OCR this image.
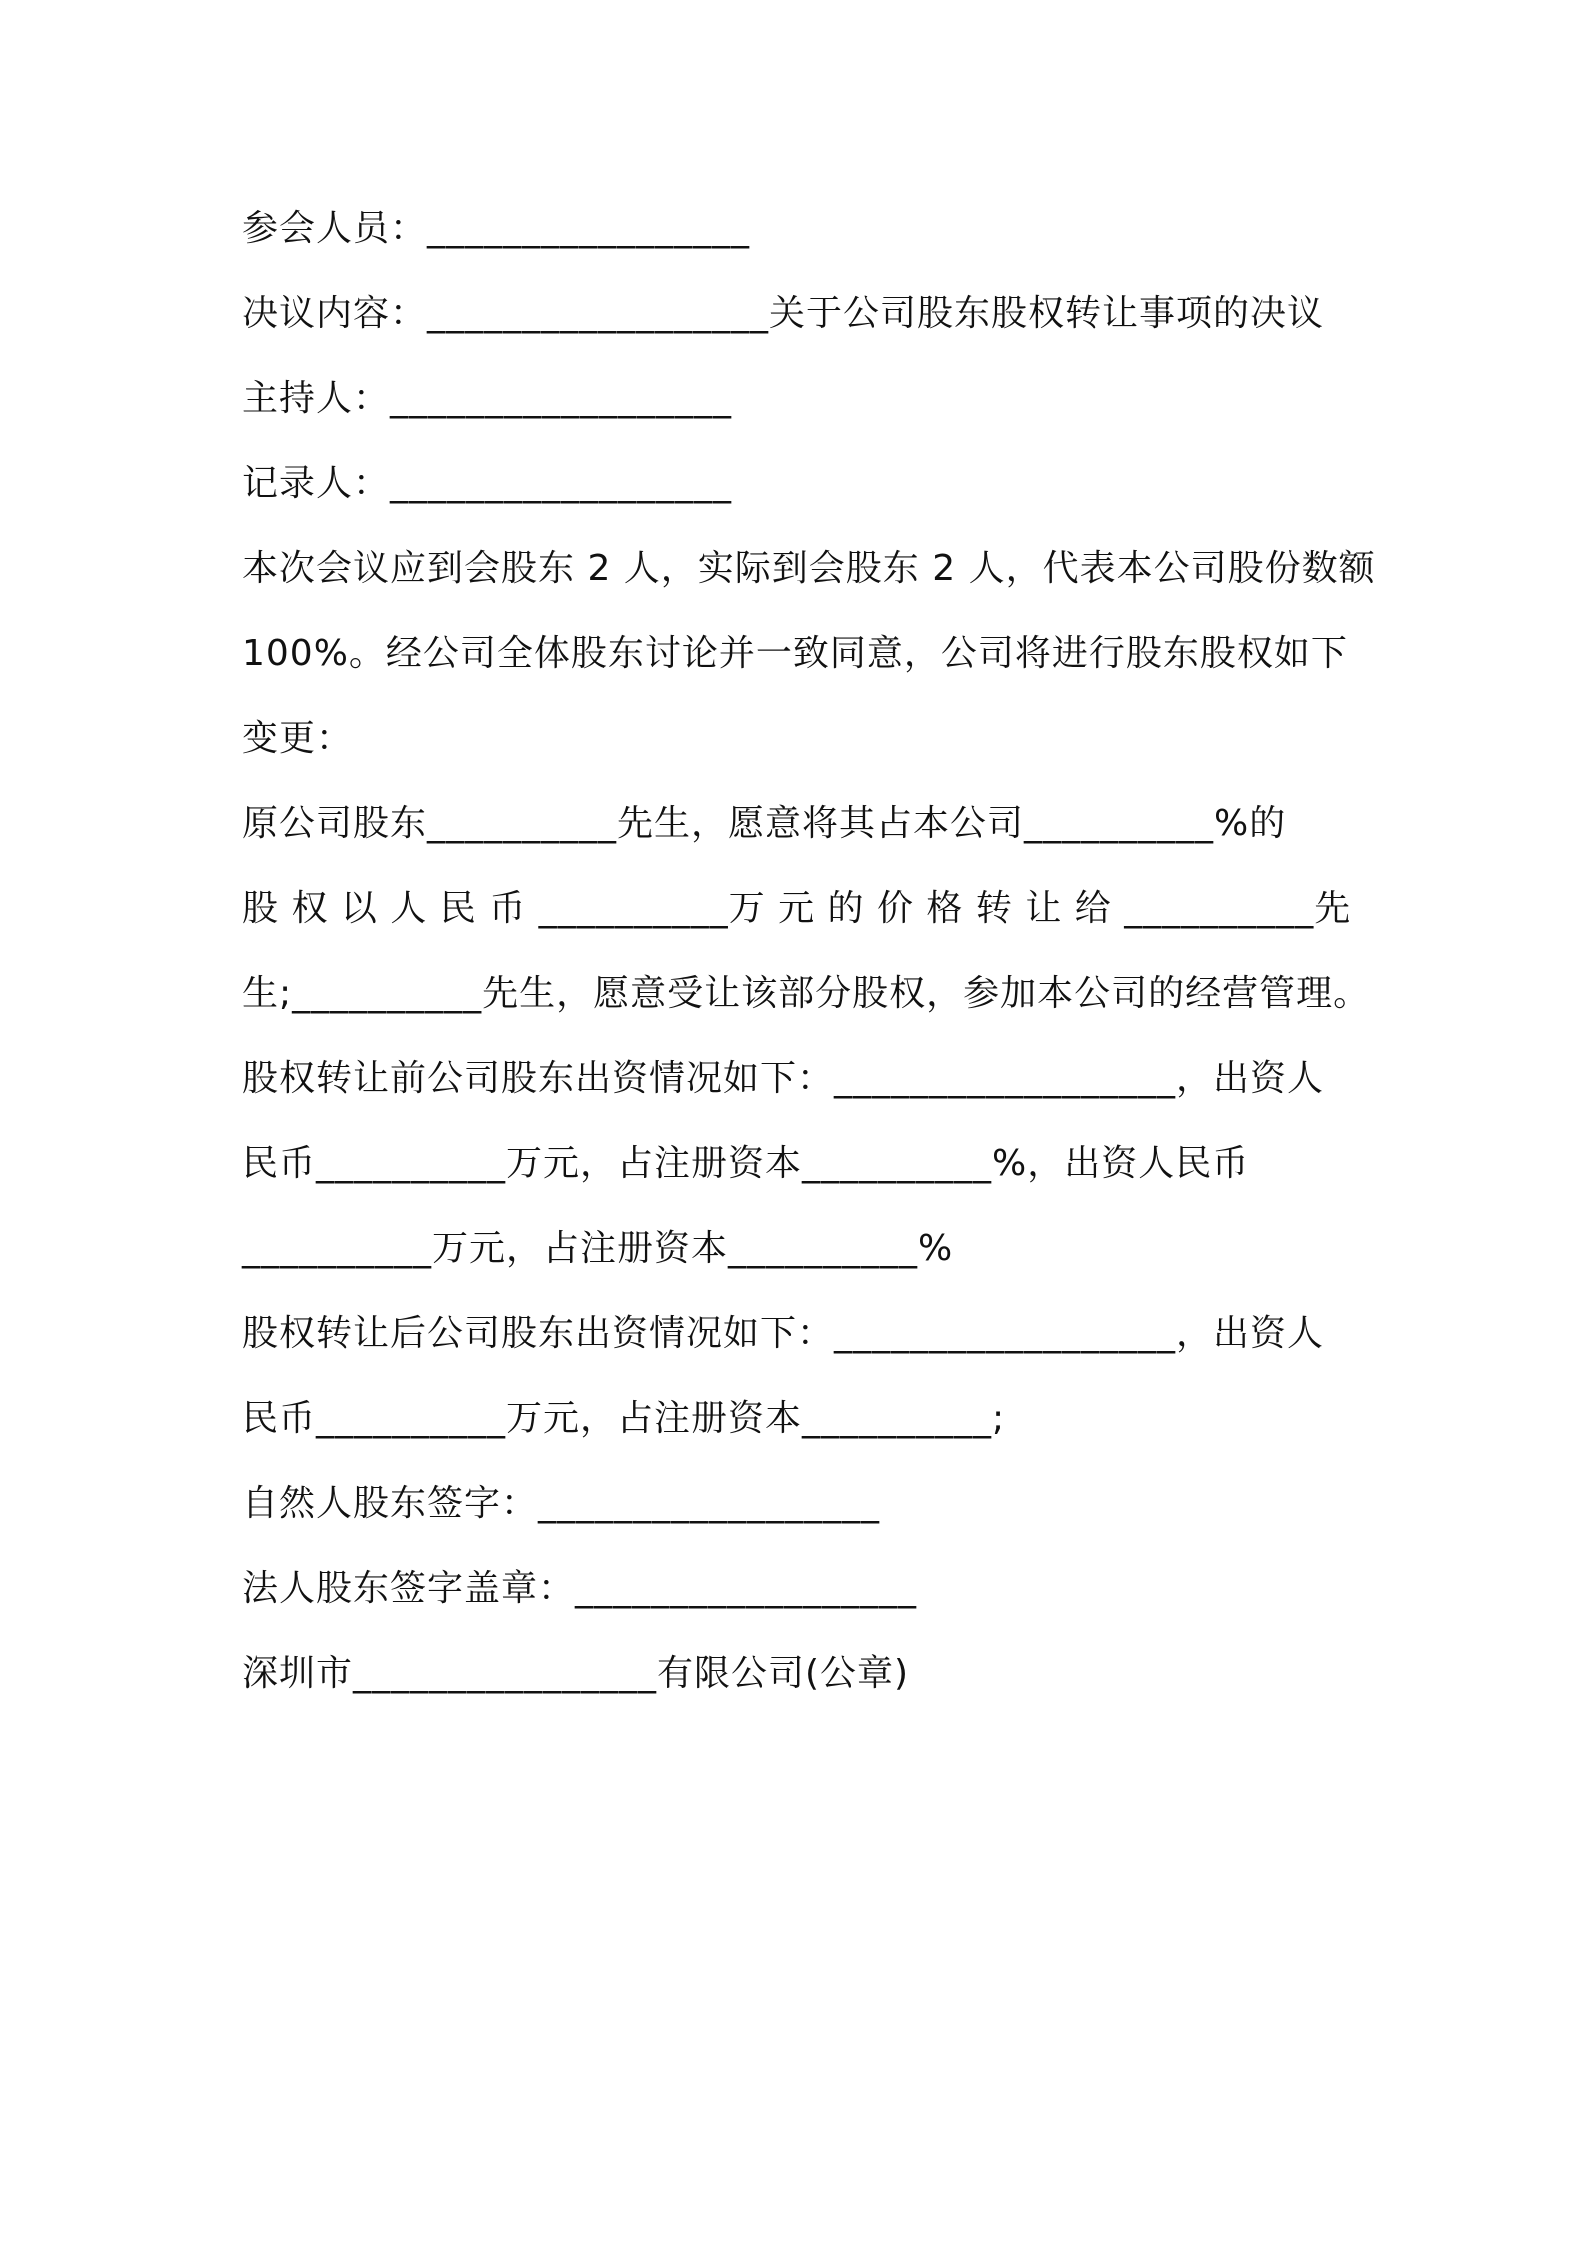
参会人员：_________________
决议内容：__________________关于公司股东股权转让事项的决议
主持人：__________________
记录人：__________________
本次会议应到会股东 2 人，实际到会股东 2 人，代表本公司股份数额
100%。经公司全体股东讨论并一致同意，公司将进行股东股权如下
变更：
原公司股东__________先生，愿意将其占本公司__________%的
股 权 以 人 民 币 __________万 元 的 价 格 转 让 给 __________先
生;__________先生，愿意受让该部分股权，参加本公司的经营管理。
股权转让前公司股东出资情况如下：__________________，出资人
民币__________万元，占注册资本__________%，出资人民币
__________万元，占注册资本__________%
股权转让后公司股东出资情况如下：__________________，出资人
民币__________万元，占注册资本__________;
自然人股东签字：__________________
法人股东签字盖章：__________________
深圳市________________有限公司(公章)
